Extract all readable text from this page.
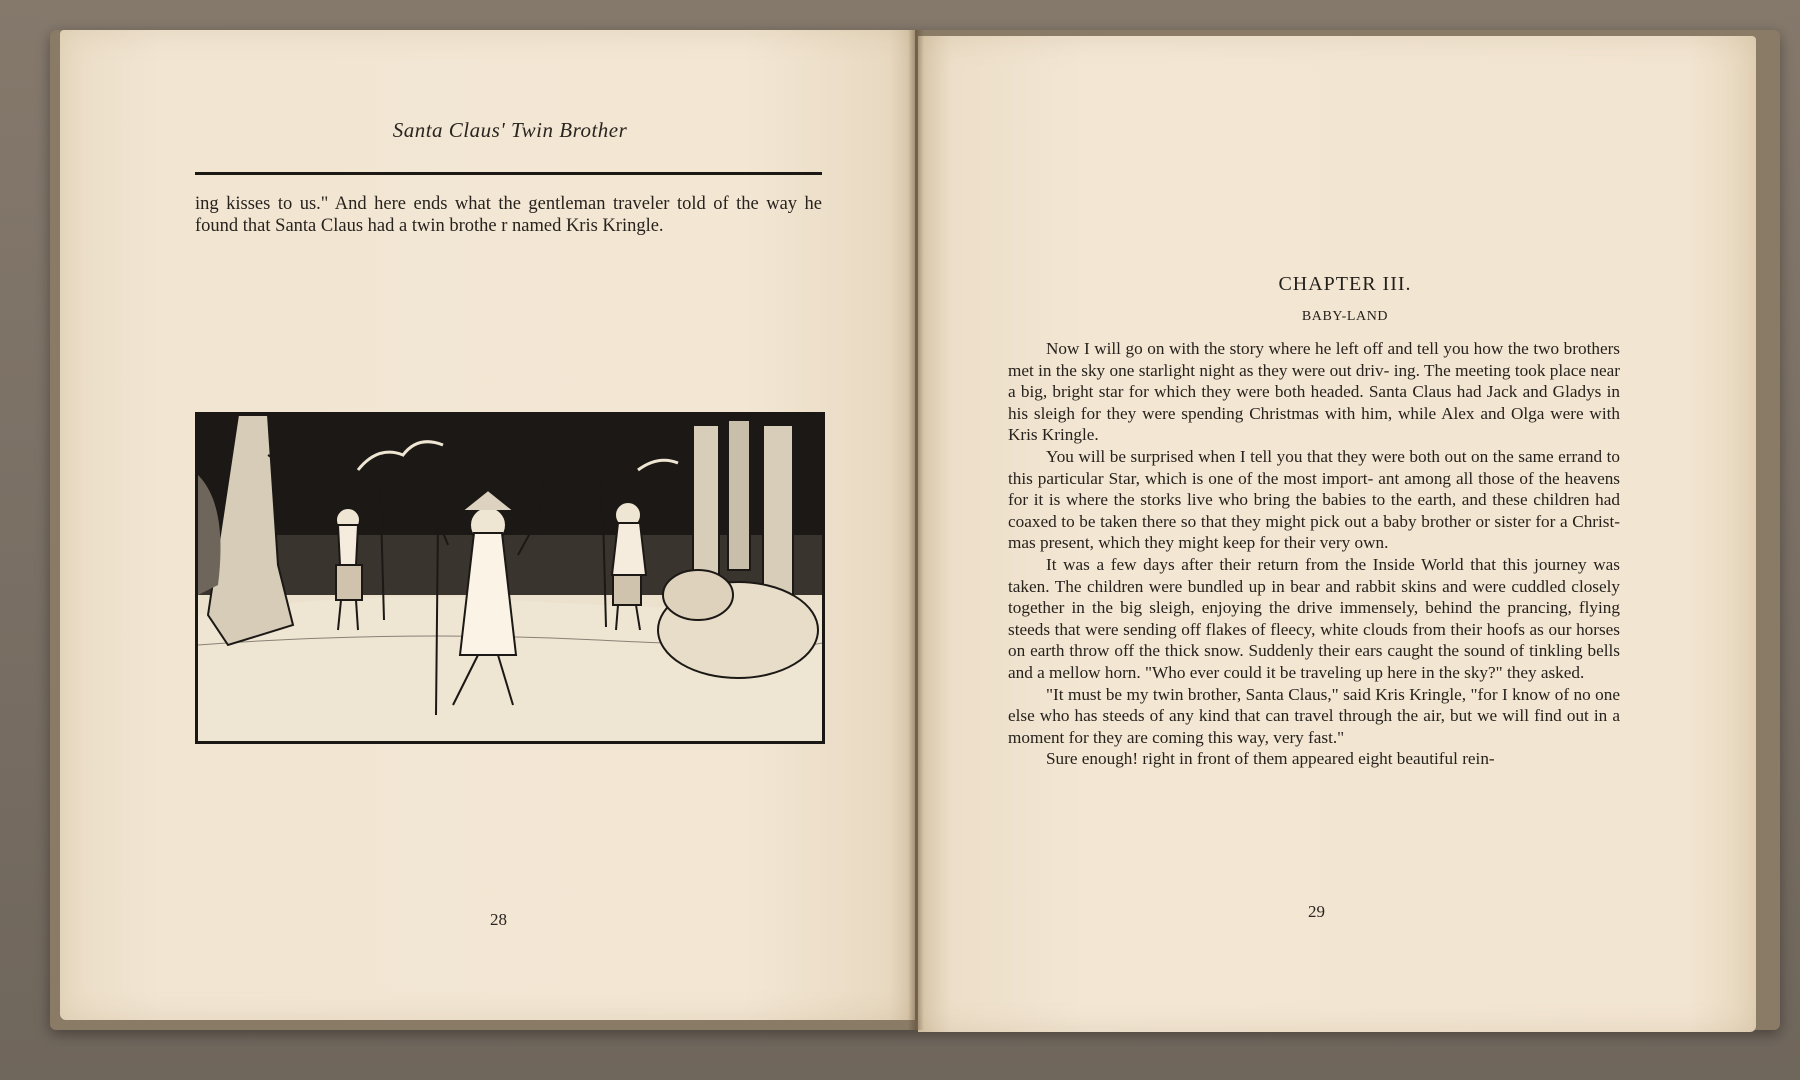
Santa Claus' Twin Brother

ing kisses to us." And here ends what the gentleman traveler told of the way he found that Santa Claus had a twin brothe r named Kris Kringle.

28
CHAPTER III.
BABY-LAND

Now I will go on with the story where he left off and tell you how the two brothers met in the sky one starlight night as they were out driv- ing. The meeting took place near a big, bright star for which they were both headed. Santa Claus had Jack and Gladys in his sleigh for they were spending Christmas with him, while Alex and Olga were with Kris Kringle.

You will be surprised when I tell you that they were both out on the same errand to this particular Star, which is one of the most import- ant among all those of the heavens for it is where the storks live who bring the babies to the earth, and these children had coaxed to be taken there so that they might pick out a baby brother or sister for a Christ- mas present, which they might keep for their very own.

It was a few days after their return from the Inside World that this journey was taken. The children were bundled up in bear and rabbit skins and were cuddled closely together in the big sleigh, enjoying the drive immensely, behind the prancing, flying steeds that were sending off flakes of fleecy, white clouds from their hoofs as our horses on earth throw off the thick snow. Suddenly their ears caught the sound of tinkling bells and a mellow horn. "Who ever could it be traveling up here in the sky?" they asked.

"It must be my twin brother, Santa Claus," said Kris Kringle, "for I know of no one else who has steeds of any kind that can travel through the air, but we will find out in a moment for they are coming this way, very fast."

Sure enough! right in front of them appeared eight beautiful rein-

29
